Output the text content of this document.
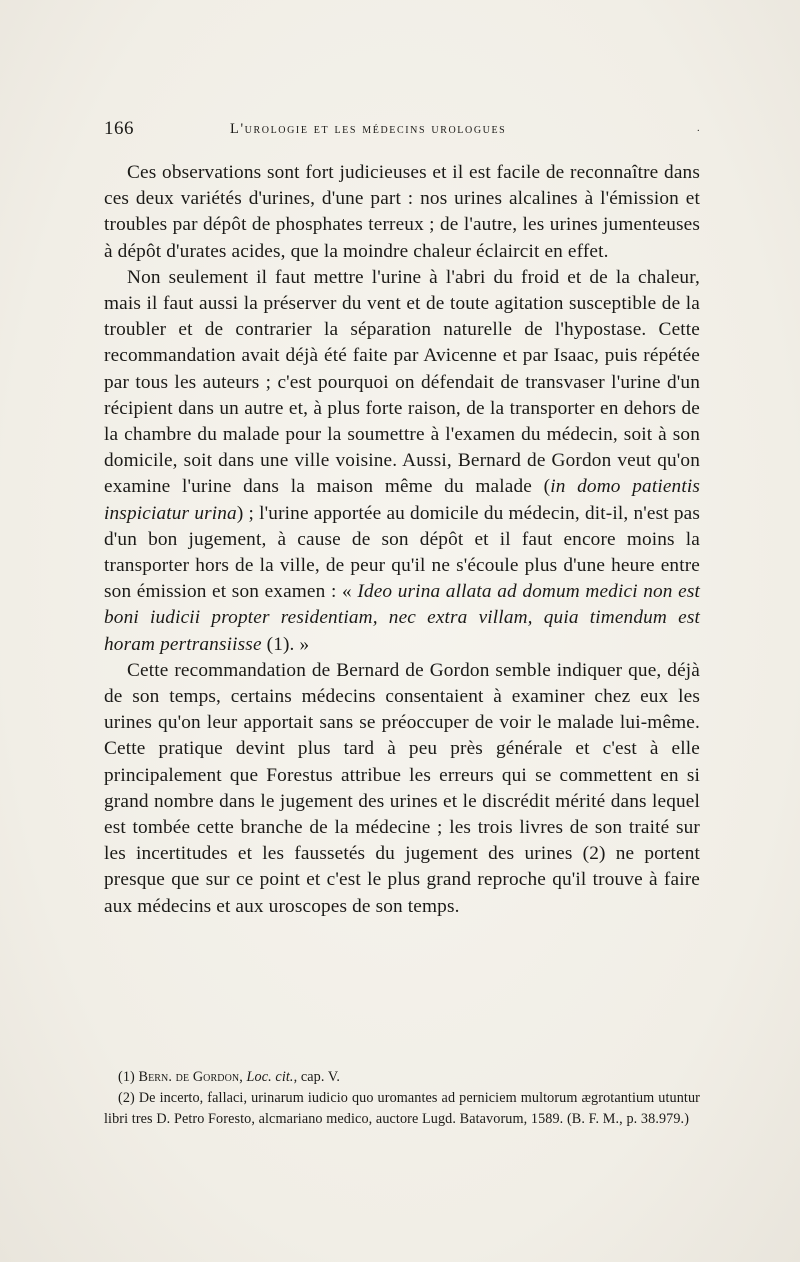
166	l'urologie et les médecins urologues	·

Ces observations sont fort judicieuses et il est facile de reconnaître dans ces deux variétés d'urines, d'une part : nos urines alcalines à l'émission et troubles par dépôt de phosphates terreux ; de l'autre, les urines jumenteuses à dépôt d'urates acides, que la moindre chaleur éclaircit en effet.

Non seulement il faut mettre l'urine à l'abri du froid et de la chaleur, mais il faut aussi la préserver du vent et de toute agitation susceptible de la troubler et de contrarier la séparation naturelle de l'hypostase. Cette recommandation avait déjà été faite par Avicenne et par Isaac, puis répétée par tous les auteurs ; c'est pourquoi on défendait de transvaser l'urine d'un récipient dans un autre et, à plus forte raison, de la transporter en dehors de la chambre du malade pour la soumettre à l'examen du médecin, soit à son domicile, soit dans une ville voisine. Aussi, Bernard de Gordon veut qu'on examine l'urine dans la maison même du malade (in domo patientis inspiciatur urina) ; l'urine apportée au domicile du médecin, dit-il, n'est pas d'un bon jugement, à cause de son dépôt et il faut encore moins la transporter hors de la ville, de peur qu'il ne s'écoule plus d'une heure entre son émission et son examen : « Ideo urina allata ad domum medici non est boni iudicii propter residentiam, nec extra villam, quia timendum est horam pertransiisse (1). »

Cette recommandation de Bernard de Gordon semble indiquer que, déjà de son temps, certains médecins consentaient à examiner chez eux les urines qu'on leur apportait sans se préoccuper de voir le malade lui-même. Cette pratique devint plus tard à peu près générale et c'est à elle principalement que Forestus attribue les erreurs qui se commettent en si grand nombre dans le jugement des urines et le discrédit mérité dans lequel est tombée cette branche de la médecine ; les trois livres de son traité sur les incertitudes et les faussetés du jugement des urines (2) ne portent presque que sur ce point et c'est le plus grand reproche qu'il trouve à faire aux médecins et aux uroscopes de son temps.

(1) Bern. de Gordon, Loc. cit., cap. V.

(2) De incerto, fallaci, urinarum iudicio quo uromantes ad perniciem multorum ægrotantium utuntur libri tres D. Petro Foresto, alcmariano medico, auctore Lugd. Batavorum, 1589. (B. F. M., p. 38.979.)
